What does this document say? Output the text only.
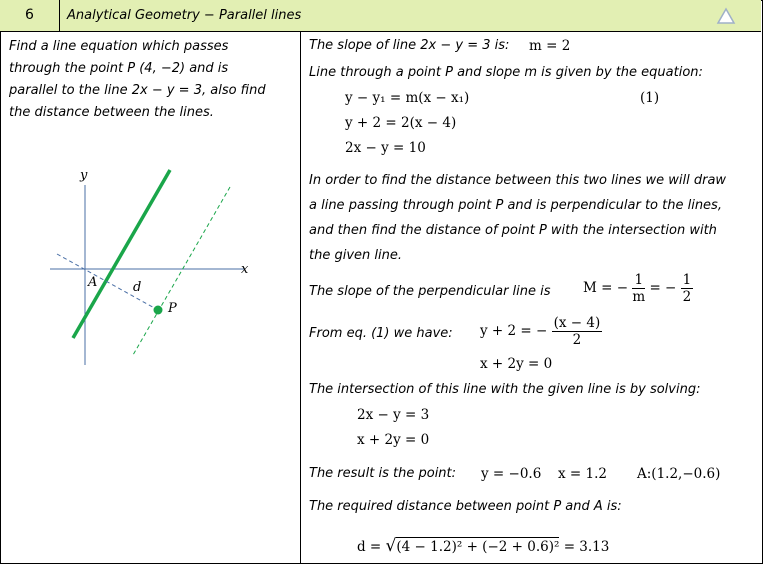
6	Analytical Geometry − Parallel lines
Find a line equation which passes
through the point P (4, −2) and is
parallel to the line 2x − y = 3, also find
the distance between the lines.
x
y
A	d
P
The slope of line 2x − y = 3 is: m = 2
Line through a point P and slope m is given by the equation:
y − y₁ = m(x − x₁)	(1)
y + 2 = 2(x − 4)
2x − y = 10
In order to find the distance between this two lines we will draw
a line passing through point P and is perpendicular to the lines,
and then find the distance of point P with the intersection with
the given line.
The slope of the perpendicular line is M = − $\frac{1}{m}$ = − $\frac{1}{2}$
From eq. (1) we have: y + 2 = − $\frac{(x - 4)}{2}$
x + 2y = 0
The intersection of this line with the given line is by solving:
2x − y = 3
x + 2y = 0
The result is the point: y = −0.6 x = 1.2 A:(1.2,−0.6)
The required distance between point P and A is:
d = √(4 − 1.2)² + (−2 + 0.6)² = 3.13
